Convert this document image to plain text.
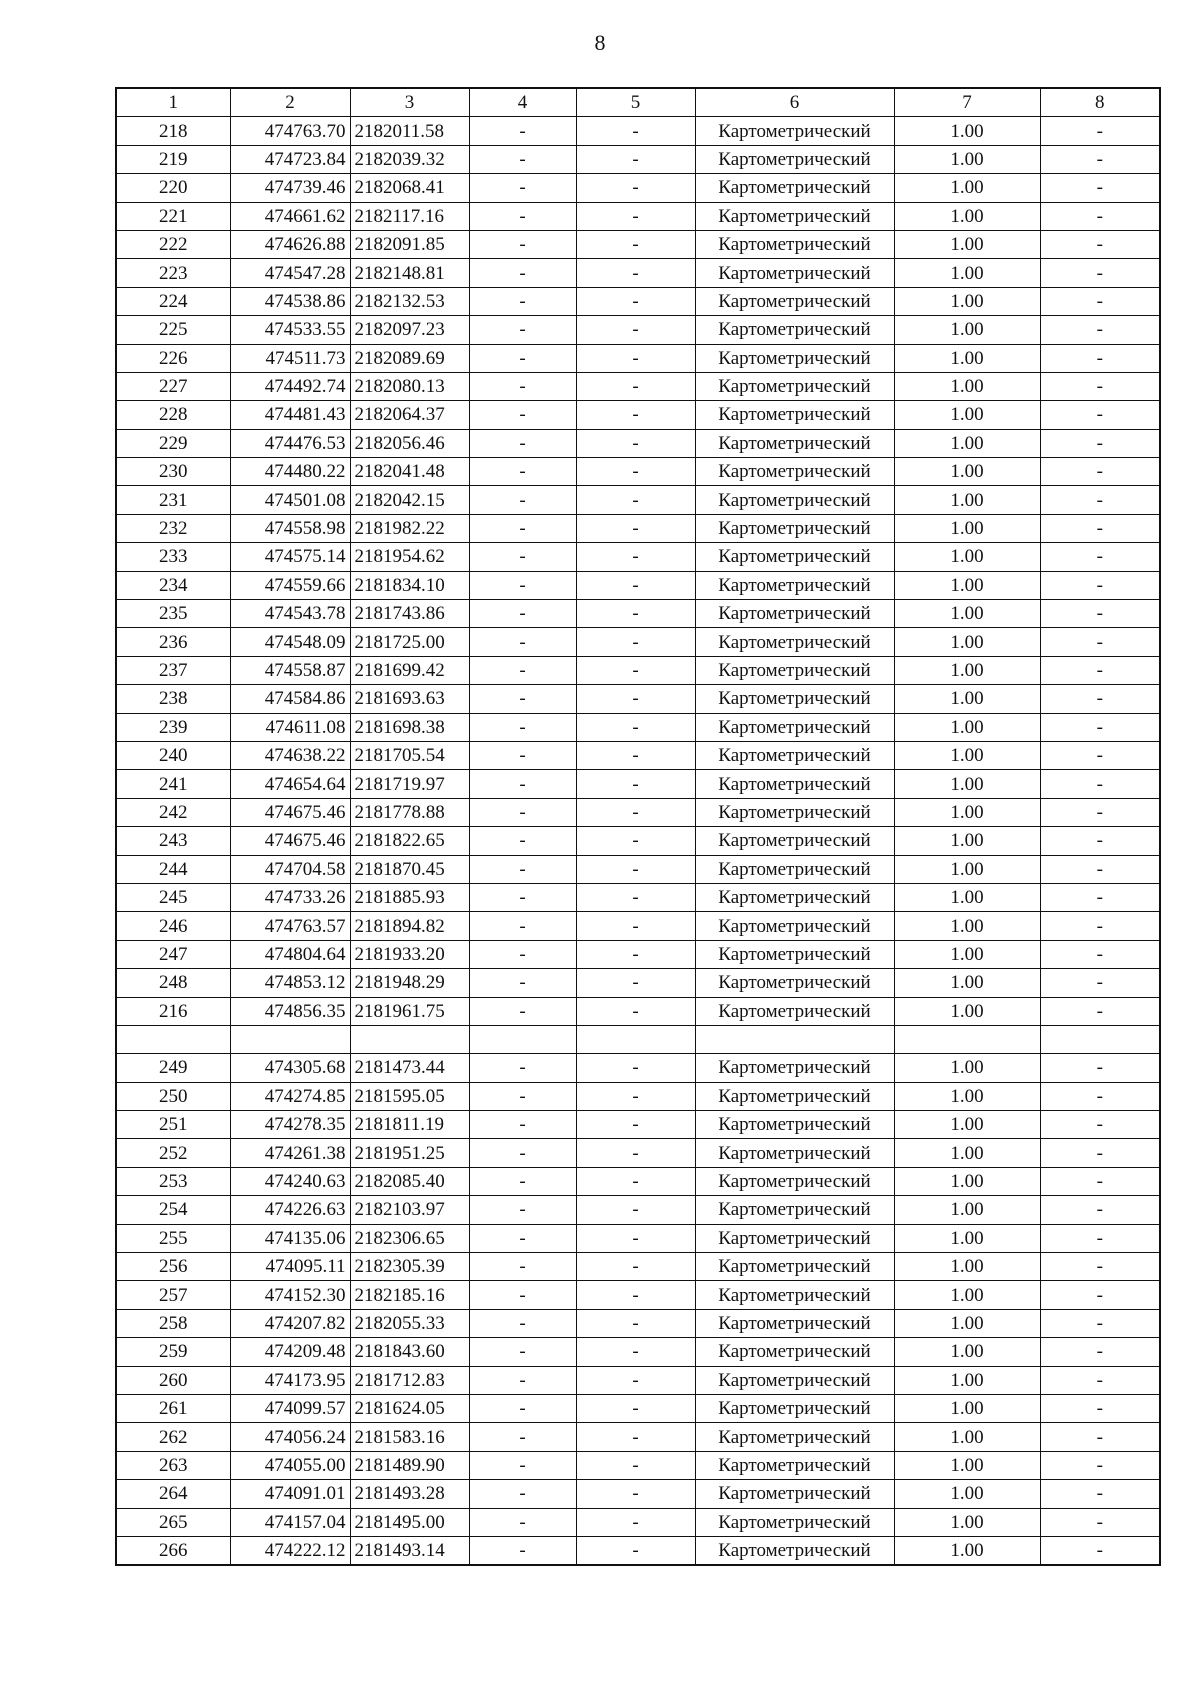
8
1	2	3	4	5	6	7	8
218	474763.70	2182011.58	-	-	Картометрический	1.00	-
219	474723.84	2182039.32	-	-	Картометрический	1.00	-
220	474739.46	2182068.41	-	-	Картометрический	1.00	-
221	474661.62	2182117.16	-	-	Картометрический	1.00	-
222	474626.88	2182091.85	-	-	Картометрический	1.00	-
223	474547.28	2182148.81	-	-	Картометрический	1.00	-
224	474538.86	2182132.53	-	-	Картометрический	1.00	-
225	474533.55	2182097.23	-	-	Картометрический	1.00	-
226	474511.73	2182089.69	-	-	Картометрический	1.00	-
227	474492.74	2182080.13	-	-	Картометрический	1.00	-
228	474481.43	2182064.37	-	-	Картометрический	1.00	-
229	474476.53	2182056.46	-	-	Картометрический	1.00	-
230	474480.22	2182041.48	-	-	Картометрический	1.00	-
231	474501.08	2182042.15	-	-	Картометрический	1.00	-
232	474558.98	2181982.22	-	-	Картометрический	1.00	-
233	474575.14	2181954.62	-	-	Картометрический	1.00	-
234	474559.66	2181834.10	-	-	Картометрический	1.00	-
235	474543.78	2181743.86	-	-	Картометрический	1.00	-
236	474548.09	2181725.00	-	-	Картометрический	1.00	-
237	474558.87	2181699.42	-	-	Картометрический	1.00	-
238	474584.86	2181693.63	-	-	Картометрический	1.00	-
239	474611.08	2181698.38	-	-	Картометрический	1.00	-
240	474638.22	2181705.54	-	-	Картометрический	1.00	-
241	474654.64	2181719.97	-	-	Картометрический	1.00	-
242	474675.46	2181778.88	-	-	Картометрический	1.00	-
243	474675.46	2181822.65	-	-	Картометрический	1.00	-
244	474704.58	2181870.45	-	-	Картометрический	1.00	-
245	474733.26	2181885.93	-	-	Картометрический	1.00	-
246	474763.57	2181894.82	-	-	Картометрический	1.00	-
247	474804.64	2181933.20	-	-	Картометрический	1.00	-
248	474853.12	2181948.29	-	-	Картометрический	1.00	-
216	474856.35	2181961.75	-	-	Картометрический	1.00	-

249	474305.68	2181473.44	-	-	Картометрический	1.00	-
250	474274.85	2181595.05	-	-	Картометрический	1.00	-
251	474278.35	2181811.19	-	-	Картометрический	1.00	-
252	474261.38	2181951.25	-	-	Картометрический	1.00	-
253	474240.63	2182085.40	-	-	Картометрический	1.00	-
254	474226.63	2182103.97	-	-	Картометрический	1.00	-
255	474135.06	2182306.65	-	-	Картометрический	1.00	-
256	474095.11	2182305.39	-	-	Картометрический	1.00	-
257	474152.30	2182185.16	-	-	Картометрический	1.00	-
258	474207.82	2182055.33	-	-	Картометрический	1.00	-
259	474209.48	2181843.60	-	-	Картометрический	1.00	-
260	474173.95	2181712.83	-	-	Картометрический	1.00	-
261	474099.57	2181624.05	-	-	Картометрический	1.00	-
262	474056.24	2181583.16	-	-	Картометрический	1.00	-
263	474055.00	2181489.90	-	-	Картометрический	1.00	-
264	474091.01	2181493.28	-	-	Картометрический	1.00	-
265	474157.04	2181495.00	-	-	Картометрический	1.00	-
266	474222.12	2181493.14	-	-	Картометрический	1.00	-
